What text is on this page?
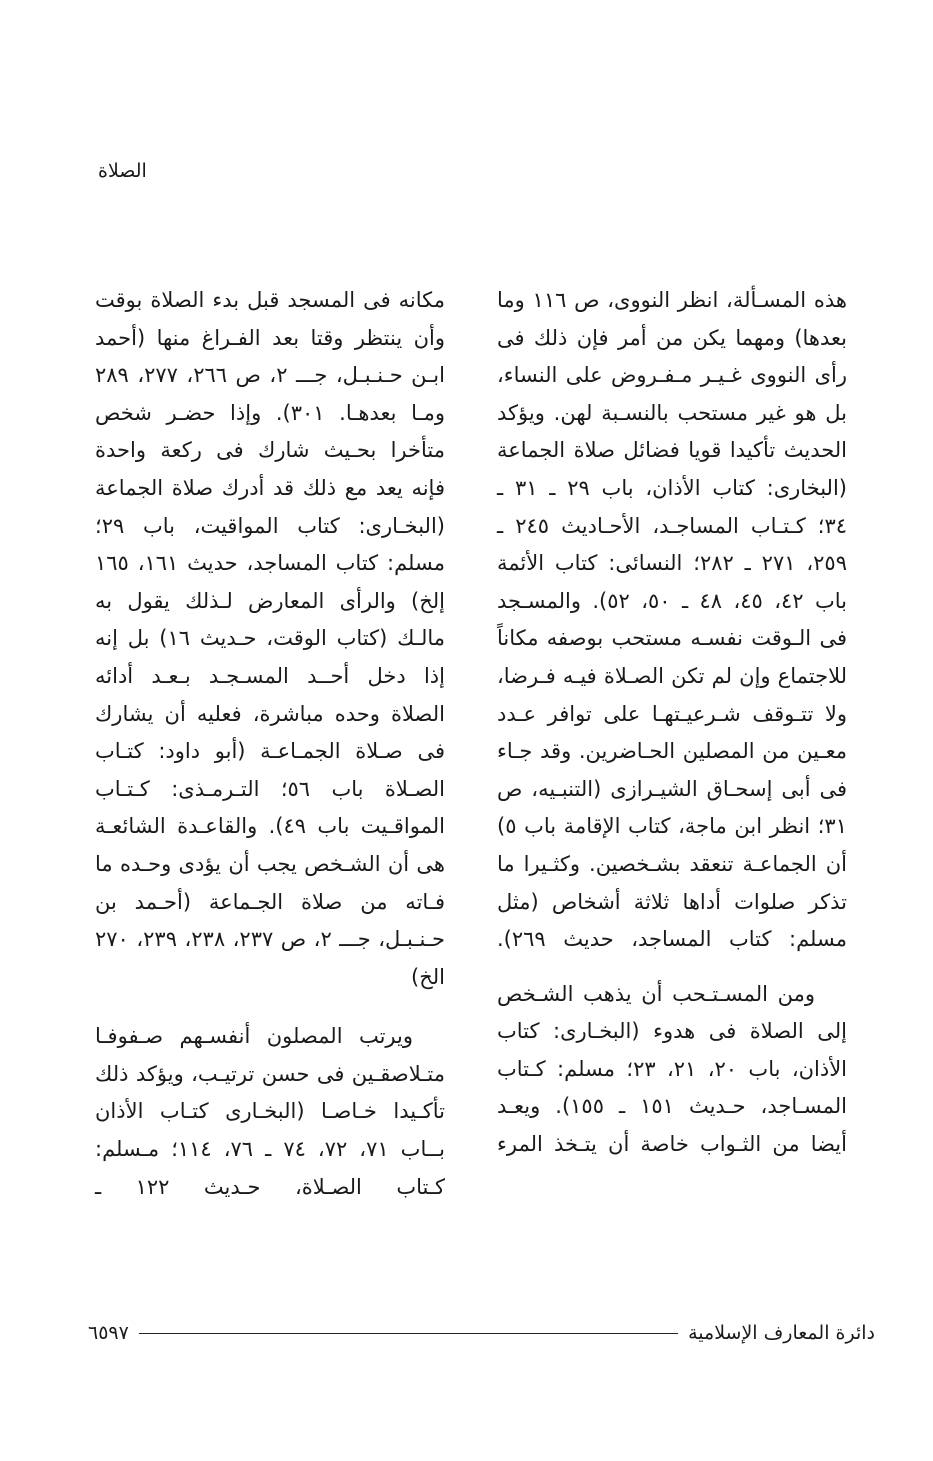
الصلاة

هذه المسـألة، انظر النووى، ص ١١٦ وما بعدها) ومهما يكن من أمر فإن ذلك فى رأى النووى غـيـر مـفـروض على النساء، بل هو غير مستحب بالنسـبة لهن. ويؤكد الحديث تأكيدا قويا فضائل صلاة الجماعة (البخارى: كتاب الأذان، باب ٢٩ ـ ٣١ ـ ٣٤؛ كـتـاب المساجـد، الأحـاديث ٢٤٥ ـ ٢٥٩، ٢٧١ ـ ٢٨٢؛ النسائى: كتاب الأئمة باب ٤٢، ٤٥، ٤٨ ـ ٥٠، ٥٢). والمسـجد فى الـوقت نفسـه مستحب بوصفه مكاناً للاجتماع وإن لم تكن الصـلاة فيـه فـرضا، ولا تتـوقف شـرعيـتهـا على توافر عـدد معـين من المصلين الحـاضرين. وقد جـاء فى أبى إسحـاق الشيـرازى (التنبـيه، ص ٣١؛ انظر ابن ماجة، كتاب الإقامة باب ٥) أن الجماعـة تنعقد بشـخصين. وكثـيرا ما تذكر صلوات أداها ثلاثة أشخاص (مثل مسلم: كتاب المساجد، حديث ٢٦٩).

ومن المسـتـحب أن يذهب الشـخص إلى الصلاة فى هدوء (البخـارى: كتاب الأذان، باب ٢٠، ٢١، ٢٣؛ مسلم: كـتاب المسـاجد، حـديث ١٥١ ـ ١٥٥). ويعـد أيضا من الثـواب خاصة أن يتـخذ المرء

مكانه فى المسجد قبل بدء الصلاة بوقت وأن ينتظر وقتا بعد الفـراغ منها (أحمد ابـن حـنـبـل، جـــ ٢، ص ٢٦٦، ٢٧٧، ٢٨٩ ومـا بعدهـا. ٣٠١). وإذا حضـر شخص متأخرا بحـيث شارك فى ركعة واحدة فإنه يعد مع ذلك قد أدرك صلاة الجماعة (البخـارى: كتاب المواقيت، باب ٢٩؛ مسلم: كتاب المساجد، حديث ١٦١، ١٦٥ إلخ) والرأى المعارض لـذلك يقول به مالـك (كتاب الوقت، حـديث ١٦) بل إنه إذا دخل أحــد المسـجـد بـعـد أدائه الصلاة وحده مباشرة، فعليه أن يشارك فى صـلاة الجمـاعـة (أبو داود: كتـاب الصـلاة باب ٥٦؛ التـرمـذى: كـتـاب المواقـيت باب ٤٩). والقاعـدة الشائعـة هى أن الشـخص يجب أن يؤدى وحـده ما فـاته من صلاة الجـماعة (أحـمد بن حـنـبـل، جـــ ٢، ص ٢٣٧، ٢٣٨، ٢٣٩، ٢٧٠ الخ)

ويرتب المصلون أنفسـهم صـفوفـا متـلاصقـين فى حسن ترتيـب، ويؤكد ذلك تأكـيدا خـاصـا (البخـارى كتـاب الأذان بــاب ٧١، ٧٢، ٧٤ ـ ٧٦، ١١٤؛ مـسلم: كـتاب الصـلاة، حـديث ١٢٢ ـ

دائرة المعارف الإسلامية
٦٥٩٧
